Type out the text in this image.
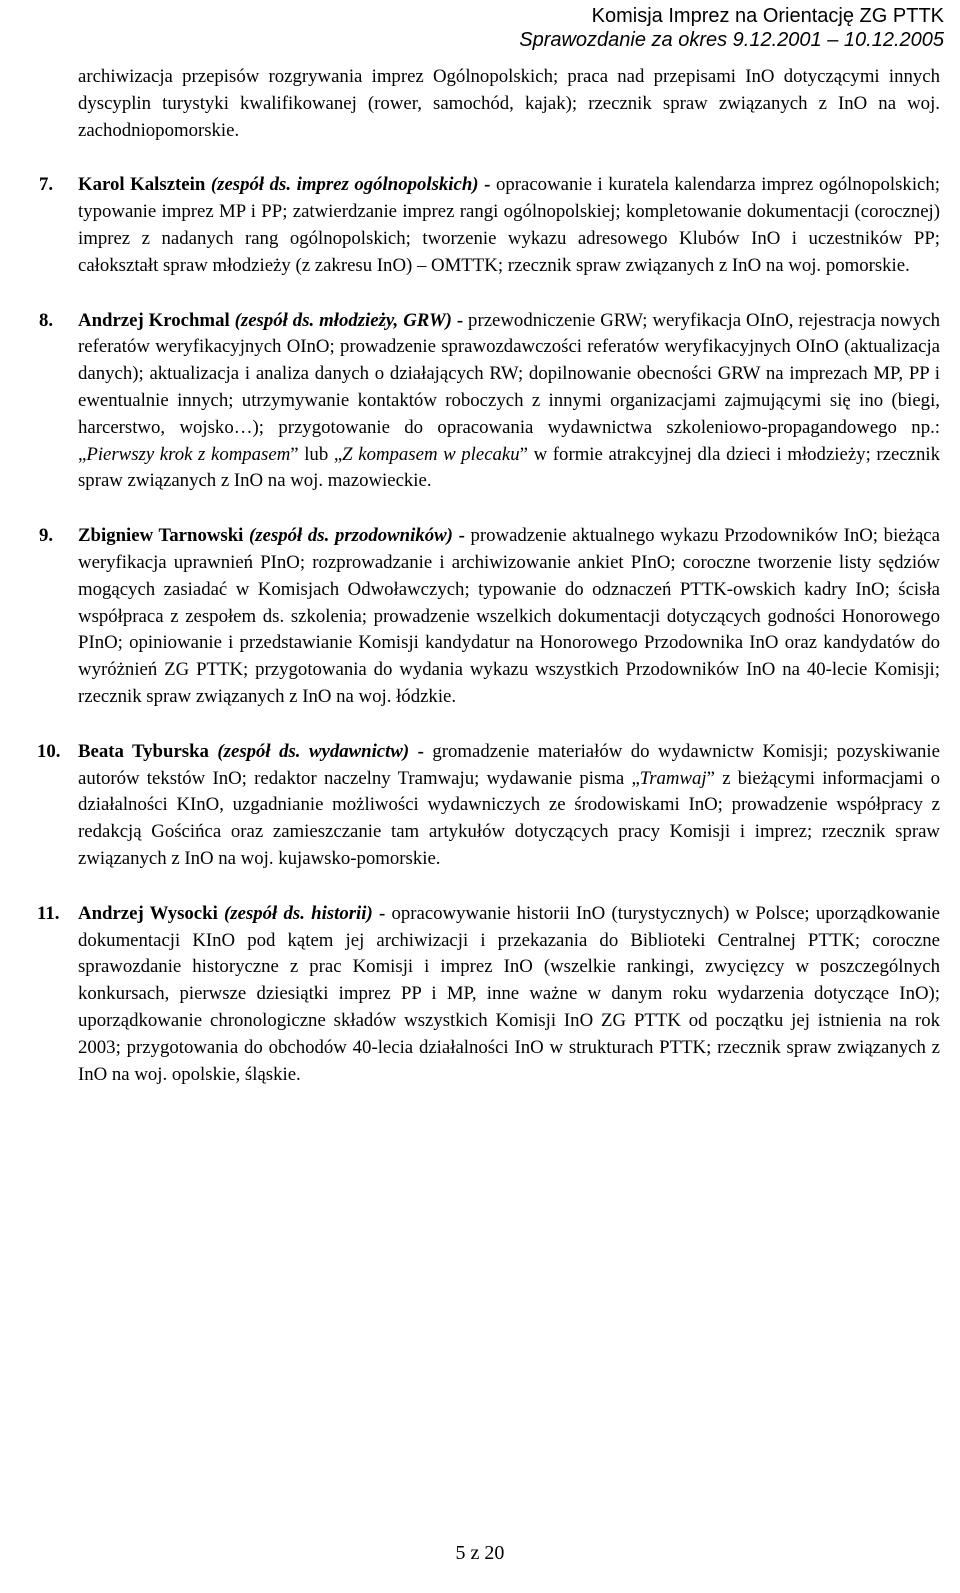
Komisja Imprez na Orientację ZG PTTK
Sprawozdanie za okres 9.12.2001 – 10.12.2005

archiwizacja przepisów rozgrywania imprez Ogólnopolskich; praca nad przepisami InO dotyczącymi innych dyscyplin turystyki kwalifikowanej (rower, samochód, kajak); rzecznik spraw związanych z InO na woj. zachodniopomorskie.

7. Karol Kalsztein (zespół ds. imprez ogólnopolskich) - opracowanie i kuratela kalendarza imprez ogólnopolskich; typowanie imprez MP i PP; zatwierdzanie imprez rangi ogólnopolskiej; kompletowanie dokumentacji (corocznej) imprez z nadanych rang ogólnopolskich; tworzenie wykazu adresowego Klubów InO i uczestników PP; całokształt spraw młodzieży (z zakresu InO) – OMTTK; rzecznik spraw związanych z InO na woj. pomorskie.

8. Andrzej Krochmal (zespół ds. młodzieży, GRW) - przewodniczenie GRW; weryfikacja OInO, rejestracja nowych referatów weryfikacyjnych OInO; prowadzenie sprawozdawczości referatów weryfikacyjnych OInO (aktualizacja danych); aktualizacja i analiza danych o działających RW; dopilnowanie obecności GRW na imprezach MP, PP i ewentualnie innych; utrzymywanie kontaktów roboczych z innymi organizacjami zajmującymi się ino (biegi, harcerstwo, wojsko…); przygotowanie do opracowania wydawnictwa szkoleniowo-propagandowego np.: „Pierwszy krok z kompasem” lub „Z kompasem w plecaku” w formie atrakcyjnej dla dzieci i młodzieży; rzecznik spraw związanych z InO na woj. mazowieckie.

9. Zbigniew Tarnowski (zespół ds. przodowników) - prowadzenie aktualnego wykazu Przodowników InO; bieżąca weryfikacja uprawnień PInO; rozprowadzanie i archiwizowanie ankiet PInO; coroczne tworzenie listy sędziów mogących zasiadać w Komisjach Odwoławczych; typowanie do odznaczeń PTTK-owskich kadry InO; ścisła współpraca z zespołem ds. szkolenia; prowadzenie wszelkich dokumentacji dotyczących godności Honorowego PInO; opiniowanie i przedstawianie Komisji kandydatur na Honorowego Przodownika InO oraz kandydatów do wyróżnień ZG PTTK; przygotowania do wydania wykazu wszystkich Przodowników InO na 40-lecie Komisji; rzecznik spraw związanych z InO na woj. łódzkie.

10. Beata Tyburska (zespół ds. wydawnictw) - gromadzenie materiałów do wydawnictw Komisji; pozyskiwanie autorów tekstów InO; redaktor naczelny Tramwaju; wydawanie pisma „Tramwaj” z bieżącymi informacjami o działalności KInO, uzgadnianie możliwości wydawniczych ze środowiskami InO; prowadzenie współpracy z redakcją Gościńca oraz zamieszczanie tam artykułów dotyczących pracy Komisji i imprez; rzecznik spraw związanych z InO na woj. kujawsko-pomorskie.

11. Andrzej Wysocki (zespół ds. historii) - opracowywanie historii InO (turystycznych) w Polsce; uporządkowanie dokumentacji KInO pod kątem jej archiwizacji i przekazania do Biblioteki Centralnej PTTK; coroczne sprawozdanie historyczne z prac Komisji i imprez InO (wszelkie rankingi, zwycięzcy w poszczególnych konkursach, pierwsze dziesiątki imprez PP i MP, inne ważne w danym roku wydarzenia dotyczące InO); uporządkowanie chronologiczne składów wszystkich Komisji InO ZG PTTK od początku jej istnienia na rok 2003; przygotowania do obchodów 40-lecia działalności InO w strukturach PTTK; rzecznik spraw związanych z InO na woj. opolskie, śląskie.

5 z 20
